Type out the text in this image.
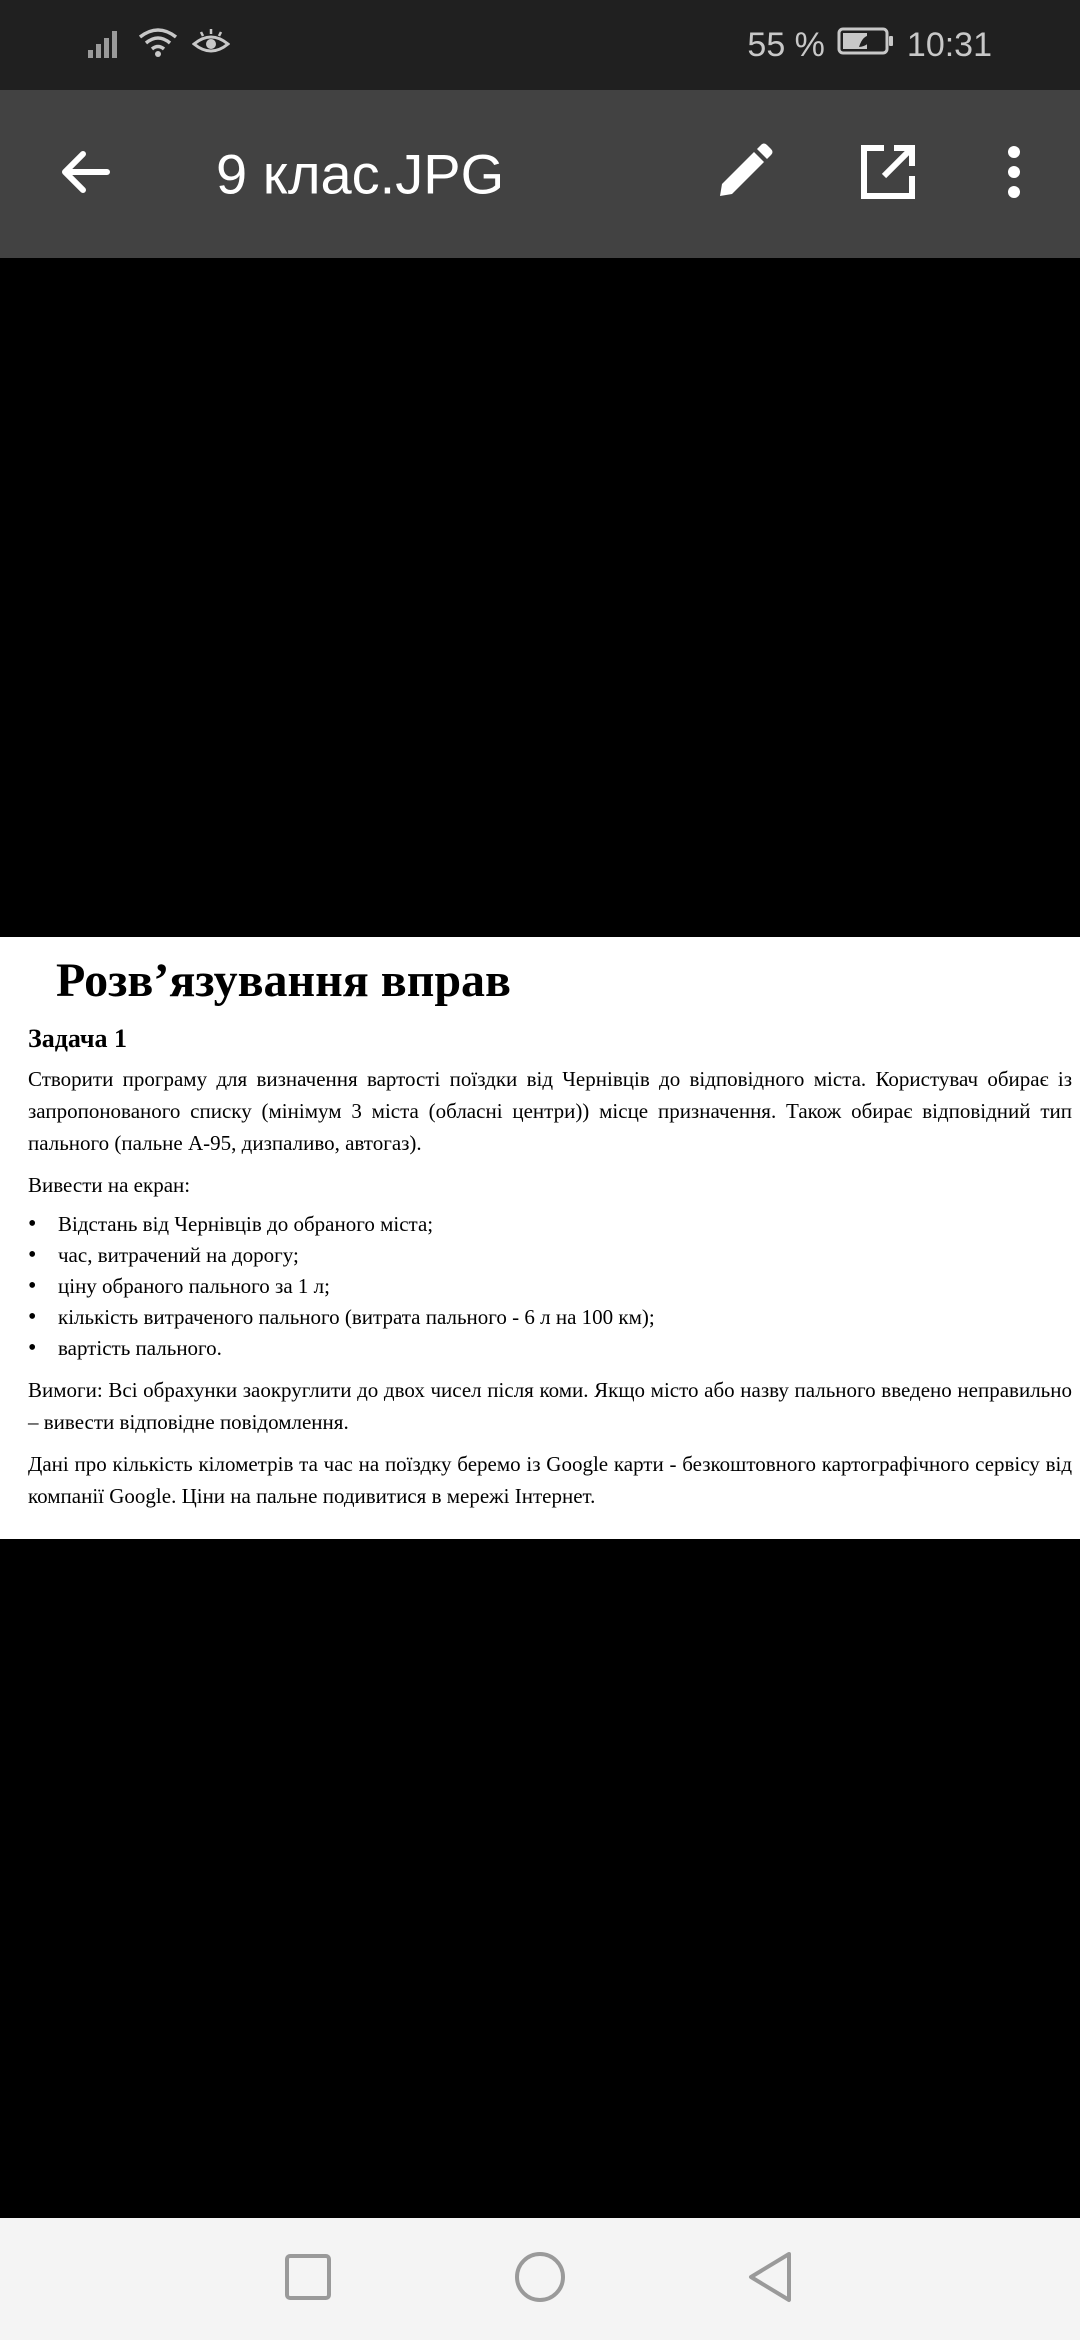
55 % 10:31
9 клас.JPG
Розв’язування вправ
Задача 1

Створити програму для визначення вартості поїздки від Чернівців до відповідного міста. Користувач обирає із запропонованого списку (мінімум 3 міста (обласні центри)) місце призначення. Також обирає відповідний тип пального (пальне А-95, дизпаливо, автогаз).

Вивести на екран:

• Відстань від Чернівців до обраного міста;
• час, витрачений на дорогу;
• ціну обраного пального за 1 л;
• кількість витраченого пального (витрата пального - 6 л на 100 км);
• вартість пального.

Вимоги: Всі обрахунки заокруглити до двох чисел після коми. Якщо місто або назву пального введено неправильно – вивести відповідне повідомлення.

Дані про кількість кілометрів та час на поїздку беремо із Google карти - безкоштовного картографічного сервісу від компанії Google. Ціни на пальне подивитися в мережі Інтернет.
